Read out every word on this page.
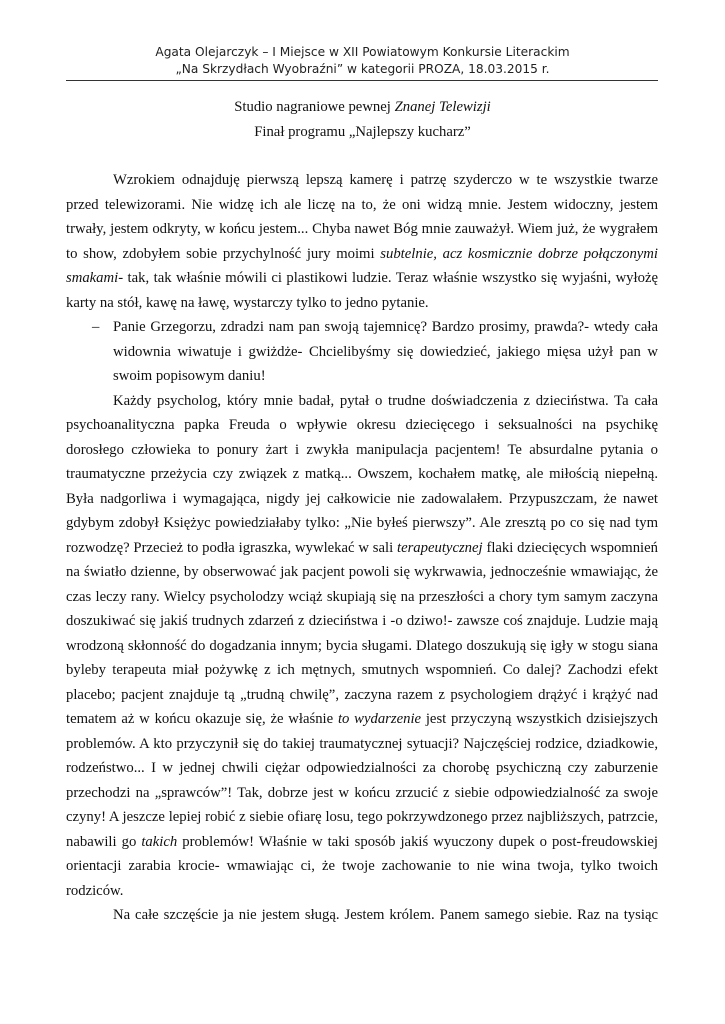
Agata Olejarczyk – I Miejsce w XII Powiatowym Konkursie Literackim
„Na Skrzydłach Wyobraźni” w kategorii PROZA, 18.03.2015 r.
Studio nagraniowe pewnej Znanej Telewizji
Finał programu „Najlepszy kucharz”

Wzrokiem odnajduję pierwszą lepszą kamerę i patrzę szyderczo w te wszystkie twarze przed telewizorami. Nie widzę ich ale liczę na to, że oni widzą mnie. Jestem widoczny, jestem trwały, jestem odkryty, w końcu jestem... Chyba nawet Bóg mnie zauważył. Wiem już, że wygrałem to show, zdobyłem sobie przychylność jury moimi subtelnie, acz kosmicznie dobrze połączonymi smakami- tak, tak właśnie mówili ci plastikowi ludzie. Teraz właśnie wszystko się wyjaśni, wyłożę karty na stół, kawę na ławę, wystarczy tylko to jedno pytanie.

– Panie Grzegorzu, zdradzi nam pan swoją tajemnicę? Bardzo prosimy, prawda?- wtedy cała widownia wiwatuje i gwiżdże- Chcielibyśmy się dowiedzieć, jakiego mięsa użył pan w swoim popisowym daniu!

Każdy psycholog, który mnie badał, pytał o trudne doświadczenia z dzieciństwa. Ta cała psychoanalityczna papka Freuda o wpływie okresu dziecięcego i seksualności na psychikę dorosłego człowieka to ponury żart i zwykła manipulacja pacjentem! Te absurdalne pytania o traumatyczne przeżycia czy związek z matką... Owszem, kochałem matkę, ale miłością niepełną. Była nadgorliwa i wymagająca, nigdy jej całkowicie nie zadowalałem. Przypuszczam, że nawet gdybym zdobył Księżyc powiedziałaby tylko: „Nie byłeś pierwszy”. Ale zresztą po co się nad tym rozwodzę? Przecież to podła igraszka, wywlekać w sali terapeutycznej flaki dziecięcych wspomnień na światło dzienne, by obserwować jak pacjent powoli się wykrwawia, jednocześnie wmawiając, że czas leczy rany. Wielcy psycholodzy wciąż skupiają się na przeszłości a chory tym samym zaczyna doszukiwać się jakiś trudnych zdarzeń z dzieciństwa i -o dziwo!- zawsze coś znajduje. Ludzie mają wrodzoną skłonność do dogadzania innym; bycia sługami. Dlatego doszukują się igły w stogu siana byleby terapeuta miał pożywkę z ich mętnych, smutnych wspomnień. Co dalej? Zachodzi efekt placebo; pacjent znajduje tą „trudną chwilę”, zaczyna razem z psychologiem drążyć i krążyć nad tematem aż w końcu okazuje się, że właśnie to wydarzenie jest przyczyną wszystkich dzisiejszych problemów. A kto przyczynił się do takiej traumatycznej sytuacji? Najczęściej rodzice, dziadkowie, rodzeństwo... I w jednej chwili ciężar odpowiedzialności za chorobę psychiczną czy zaburzenie przechodzi na „sprawców”! Tak, dobrze jest w końcu zrzucić z siebie odpowiedzialność za swoje czyny! A jeszcze lepiej robić z siebie ofiarę losu, tego pokrzywdzonego przez najbliższych, patrzcie, nabawili go takich problemów! Właśnie w taki sposób jakiś wyuczony dupek o post-freudowskiej orientacji zarabia krocie- wmawiając ci, że twoje zachowanie to nie wina twoja, tylko twoich rodziców.

Na całe szczęście ja nie jestem sługą. Jestem królem. Panem samego siebie. Raz na tysiąc
